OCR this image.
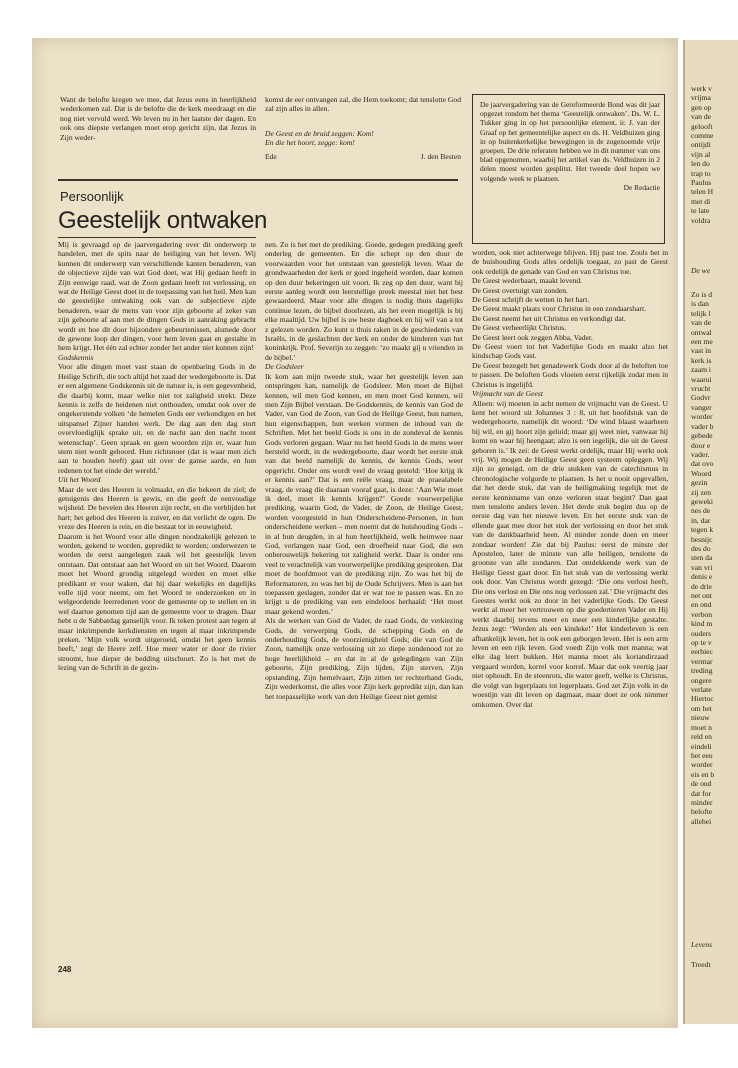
Want de belofte kregen we mee, dat Jezus eens in heerlijkheid wederkomen zal. Dat is de belofte die de kerk meedraagt en die nog niet vervuld werd. We leven nu in het laatste der dagen. En ook ons diepste verlangen moet erop gericht zijn, dat Jezus in Zijn weder-

komst de eer ontvangen zal, die Hem toekomt; dat tenslotte God zal zijn alles in allen.

De Geest en de bruid zeggen: Kom!
En die het hoort, zegge: kom!

Ede	J. den Besten

De jaarvergadering van de Gereformeerde Bond was dit jaar opgezet rondom het thema ‘Geestelijk ontwaken’. Ds. W. L. Tukker ging in op het persoonlijke element, ir. J. van der Graaf op het gemeentelijke aspect en ds. H. Veldhuizen ging in op buitenkerkelijke bewegingen in de zogenoemde vrije groepen. De drie referaten hebben we in dit nummer van ons blad opgenomen, waarbij het artikel van ds. Veldhuizen in 2 delen moest worden gesplitst. Het tweede deel hopen we volgende week te plaatsen.

De Redactie

Persoonlijk
Geestelijk ontwaken

Mij is gevraagd op de jaarvergadering over dit onderwerp te handelen, met de spits naar de heiliging van het leven. Wij kunnen dit onderwerp van verschillende kanten benaderen, van de objectieve zijde van wat God doet, wat Hij gedaan heeft in Zijn eeuwige raad, wat de Zoon gedaan heeft tot verlossing, en wat de Heilige Geest doet in de toepassing van het heil. Men kan de geestelijke ontwaking ook van de subjectieve zijde benaderen, waar de mens van voor zijn geboorte af zeker van zijn geboorte af aan met de dingen Gods in aanraking gebracht wordt en hoe dit door bijzondere gebeurtenissen, alsmede door de gewone loop der dingen, voor hem leven gaat en gestalte in hem krijgt. Het één zal echter zonder het ander niet kunnen zijn!

Godskennis

Voor alle dingen moet vast staan de openbaring Gods in de Heilige Schrift, die toch altijd het zaad der wedergeboorte is. Dat er een algemene Godskennis uit de natuur is, is een gegevenheid, die daarbij komt, maar welke niet tot zaligheid strekt. Deze kennis is zelfs de heidenen niet onthouden, omdat ook over de ongekerstende volken ‘de hemelen Gods eer verkondigen en het uitspansel Zijner handen werk. De dag aan den dag stort overvloediglijk sprake uit, en de nacht aan den nacht toont wetenschap’. Geen spraak en geen woorden zijn er, waar hun stem niet wordt gehoord. Hun richtsnoer (dat is waar men zich aan te houden heeft) gaat uit over de ganse aarde, en hun redenen tot het einde der wereld.’

Uit het Woord

Maar de wet des Heeren is volmaakt, en die bekeert de ziel; de getuigenis des Heeren is gewis, en die geeft de eenvoudige wijsheid. De bevelen des Heeren zijn recht, en die verblijden het hart; het gebod des Heeren is zuiver, en dat verlicht de ogen. De vreze des Heeren is rein, en die bestaat tot in eeuwigheid.
Daarom is het Woord voor alle dingen noodzakelijk gelezen te worden, gekend te worden, gepredikt te worden; onderwezen te worden de eerst aangelegen zaak wil het geestelijk leven ontstaan. Dat ontstaat aan het Woord en uit het Woord. Daarom moet het Woord grondig uitgelegd worden en moet elke predikant er voor waken, dat hij daar wekelijks en dagelijks volle tijd voor neemt, om het Woord te onderzoeken en in welgeordende leerredenen voor de gemeente op te stellen en in wel daartoe genomen tijd aan de gemeente voor te dragen. Daar hebt u de Sabbatdag ganselijk voor. Ik teken protest aan tegen al maar inkrimpende kerkdiensten en tegen al maar inkrimpende preken. ‘Mijn volk wordt uitgeroeid, omdat het geen kennis heeft,’ zegt de Heere zelf. Hoe meer water er door de rivier stroomt, hoe dieper de bedding uitschuurt. Zo is het met de lezing van de Schrift in de gezin-

nen. Zo is het met de prediking. Goede, gedegen prediking geeft onderleg de gemeenten. En die schept op den duur de voorwaarden voor het ontstaan van geestelijk leven. Waar de grondwaarheden der kerk er goed ingeheid worden, daar komen op den duur bekeringen uit voort. Ik zeg op den duur, want bij eerste aanleg wordt een leerstellige preek meestal niet het best gewaardeerd. Maar voor alle dingen is nodig thuis dagelijks continue lezen, de bijbel doorlezen, als het even mogelijk is bij elke maaltijd. Uw bijbel is uw beste dagboek en hij wil van a tot z gelezen worden. Zo kunt u thuis raken in de geschiedenis van Israëls, in de geslachten der kerk en onder de kinderen van het koninkrijk. Prof. Severijn zo zeggen: ‘zo maakt gij u vrienden in de bijbel.’

De Godsleer

Ik kom aan mijn tweede stuk, waar het geestelijk leven aan ontspringen kan, namelijk de Godsleer. Men moet de Bijbel kennen, wil men God kennen, en men moet God kennen, wil men Zijn Bijbel verstaan. De Godskennis, de kennis van God de Vader, van God de Zoon, van God de Heilige Geest, hun namen, hun eigenschappen, hun werken vormen de inhoud van de Schriften. Met het beeld Gods is ons in de zondeval de kennis Gods verloren gegaan. Waar nu het beeld Gods in de mens weer hersteld wordt, in de wedergeboorte, daar wordt het eerste stuk van dat beeld namelijk de kennis, de kennis Gods, weer opgericht. Onder ons wordt veel de vraag gesteld: ‘Hoe krijg ik er kennis aan?’ Dat is een reële vraag, maar de praealabele vraag, de vraag die daaraan vooraf gaat, is deze: ‘Aan Wie moet ik deel, moet ik kennis krijgen?’ Goede voorwerpelijke prediking, waarin God, de Vader, de Zoon, de Heilige Geest, worden voorgesteld in hun Onderscheidene-Personen, in hun onderscheidene werken – men noemt dat de huishouding Gods – in al hun deugden, in al hun heerlijkheid, welk heimwee naar God, verlangen naar God, een droefheid naar God, die een onberouwelijk bekering tot zaligheid werkt. Daar is onder ons veel te verachtelijk van voorwerpelijke prediking gesproken. Dat moet de hoofdmoot van de prediking zijn. Zo was het bij de Reformatoren, zo was het bij de Oude Schrijvers. Men is aan het toepassen geslagen, zonder dat er wat toe te passen was. En zo krijgt u de prediking van een eindeloos herhaald: ‘Het moet maar gekend worden.’
Als de werken van God de Vader, de raad Gods, de verkiezing Gods, de verwerping Gods, de schepping Gods en de onderhouding Gods, de voorzienigheid Gods; die van God de Zoon, namelijk onze verlossing uit zo diepe zondenood tot zo hoge heerlijkheid – en dat in al de gelegdingen van Zijn geboorte, Zijn prediking, Zijn lijden, Zijn sterven, Zijn opstanding, Zijn hemelvaart, Zijn zitten ter rechterhand Gods, Zijn wederkomst, die alles voor Zijn kerk gepredikt zijn, dan kan het toepasselijke werk van den Heilige Geest niet gemist

worden, ook niet achterwege blijven. Hij past toe. Zouls het in de huishouding Gods alles ordelijk toegaat, zo past de Geest ook ordelijk de genade van God en van Christus toe.
De Geest wederbaart, maakt levend.
De Geest overtuigt van zonden.
De Geest schrijft de wetten in het hart.
De Geest maakt plaats voor Christus in een zondaarshart.
De Geest neemt het uit Christus en verkondigt dat.
De Geest verheerlijkt Christus.
De Geest leert ook zeggen Abba, Vader.
De Geest voert tot het Vaderlijke Gods en maakt alzo het kindschap Gods vast.
De Geest bezegelt het genadewerk Gods door al de beloften toe te passen. De beloften Gods vloeien eerst rijkelijk zodat men in Christus is ingelijfd.

Vrijmacht van de Geest

Alleen: wij moeten in acht nemen de vrijmacht van de Geest. U kent het woord uit Johannes 3 : 8, uit het hoofdstuk van de wedergeboorte, namelijk dit woord: ‘De wind blaast waarheen hij wil, en gij hoort zijn geluid; maar gij weet niet, vanwaar hij komt en waar hij heengaat; alzo is een iegelijk, die uit de Geest geboren is.’ Ik zei: de Geest werkt ordelijk, maar Hij werkt ook vrij. Wij mogen de Heilige Geest geen systeem opleggen. Wij zijn zo geneigd, om de drie stukken van de catechismus in chronologische volgorde te plaatsen. Is het u nooit opgevallen, dat het derde stuk, dat van de heiligmaking tegelijk met de eerste kennisname van onze verloren staat begint? Dan gaat men tenslotte anders leven. Het derde stuk begint dus op de eerste dag van het nieuwe leven. En het eerste stuk van de ellende gaat mee door het stuk der verlossing en door het stuk van de dankbaarheid heen. Al minder zonde doen en meer zondaar worden! Zie dat bij Paulus: eerst de minste der Apostelen, later de minste van alle heiligen, tenslotte de grootste van alle zondaren. Dat ontdekkende werk van de Heilige Geest gaat door. En het stuk van de verlossing werkt ook door. Van Christus wordt gezegd: ‘Die ons verlost heeft, Die ons verlost en Die ons nog verlossen zal.’ Die vrijmacht des Geestes werkt ook zo door in het vaderlijke Gods. De Geest werkt al meer het vertrouwen op die goedertieren Vader en Hij werkt daarbij tevens meer en meer een kinderlijke gestalte. Jezus zegt: ‘Worden als een kindeke!’ Het kinderleven is een afhankelijk leven, het is ook een geborgen leven. Het is een arm leven en een rijk leven. God voedt Zijn volk met manna; wat elke dag leert bukken. Het manna moet als koriandirzaad vergaard worden, korrel voor korrel. Maar dat ook veertig jaar niet ophoudt. En de steenrots, die water geeft, welke is Christus, die volgt van legerplaats tot legerplaats. God zet Zijn volk in de woestijn van dit leven op dagmaat, maar doet ze ook nimmer omkomen. Over dat

248
werk v
vrijma
gen op
van de
gelooft
comme
ontijdi
vijn al
len do
trap to
Paulus
telen H
met di
te late
voldra
De we
Zo is d
is dan
telijk l
van de
ontwal
een me
vast in
kerk is
zaam i
waarui
vrucht
Godvr
vanger
worder
vader b
gebede
door e
vader.
dat ovo
Woord
gezin
zij zen
geweki
nes de
in, dar
tegen k
besnijc
des do
sten da
van vri
denis e
de drie
net ont
en ond
verbon
kind m
ouders
op te v
eerbiec
vermar
treding
ongere
verlate
Hiertoc
om het
nieuw
moet n
reld en
eindeli
het eeu
worder
eis en b
de oud
dat for
minder
belofte
allebei
Levens
Treedt
